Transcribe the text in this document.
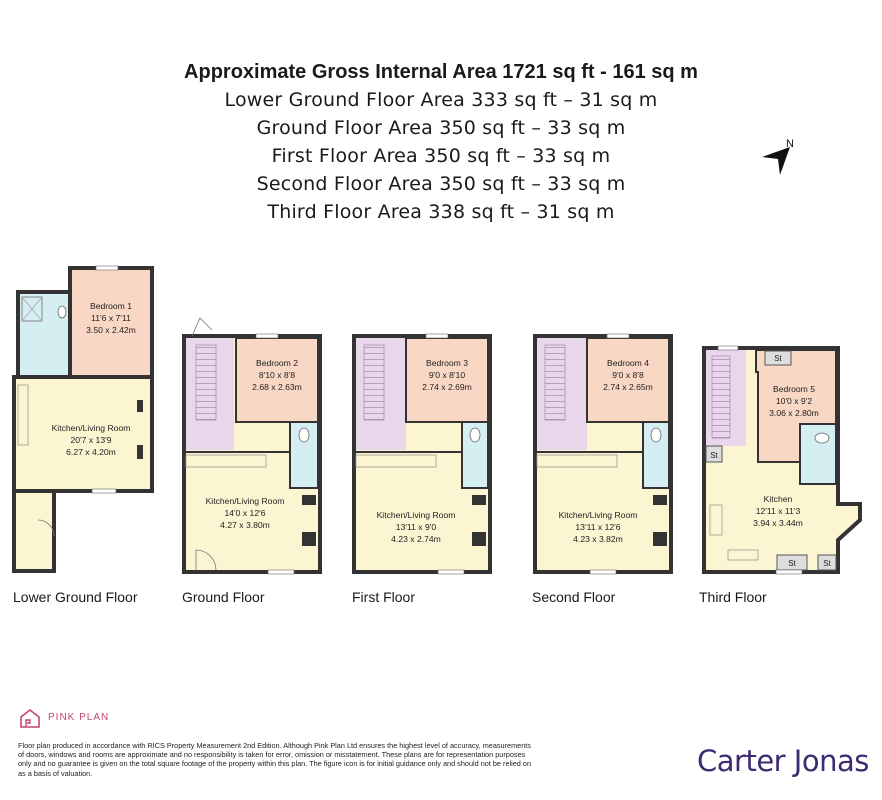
Approximate Gross Internal Area 1721 sq ft - 161 sq m
Lower Ground Floor Area 333 sq ft – 31 sq m
Ground Floor Area 350 sq ft – 33 sq m
First Floor Area 350 sq ft – 33 sq m
Second Floor Area 350 sq ft – 33 sq m
Third Floor Area 338 sq ft – 31 sq m
N
Bedroom 1
11'6 x 7'11
3.50 x 2.42m
Kitchen/Living Room
20'7 x 13'9
6.27 x 4.20m
Bedroom 2
8'10 x 8'8
2.68 x 2.63m
Kitchen/Living Room
14'0 x 12'6
4.27 x 3.80m
Bedroom 3
9'0 x 8'10
2.74 x 2.69m
Kitchen/Living Room
13'11 x 9'0
4.23 x 2.74m
Bedroom 4
9'0 x 8'8
2.74 x 2.65m
Kitchen/Living Room
13'11 x 12'6
4.23 x 3.82m
St
St
St	St
Bedroom 5
10'0 x 9'2
3.06 x 2.80m
Kitchen
12'11 x 11'3
3.94 x 3.44m
Lower Ground Floor	Ground Floor	First Floor	Second Floor	Third Floor
PINK PLAN
Floor plan produced in accordance with RICS Property Measurement 2nd Edition. Although Pink Plan Ltd ensures the highest level of accuracy, measurements of doors, windows and rooms are approximate and no responsibility is taken for error, omission or misstatement. These plans are for representation purposes only and no guarantee is given on the total square footage of the property within this plan. The figure icon is for initial guidance only and should not be relied on as a basis of valuation.	Carter Jonas
